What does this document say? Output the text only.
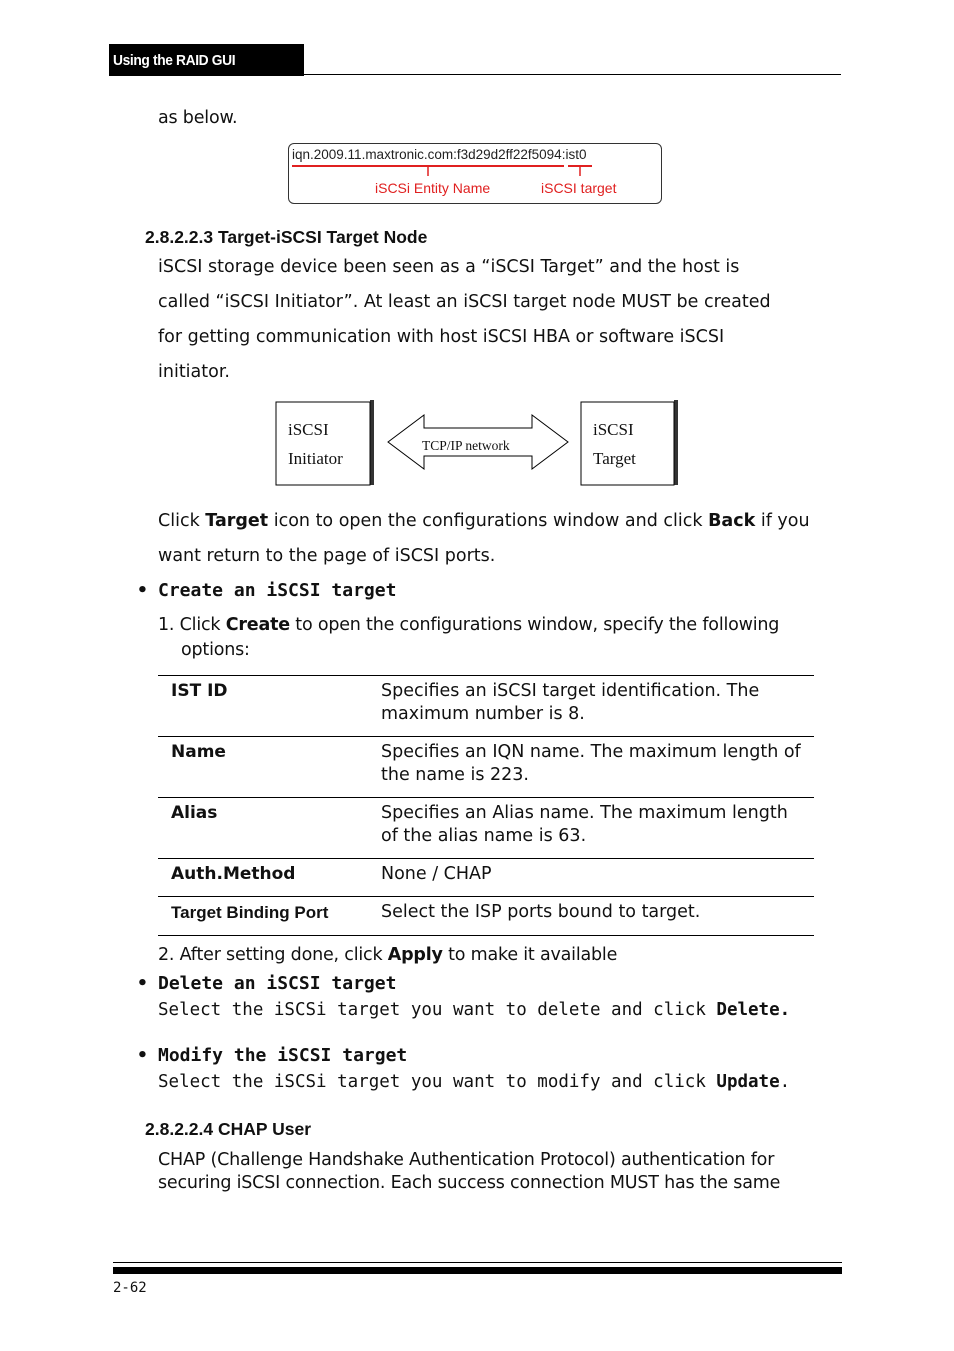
Using the RAID GUI
as below.
iqn.2009.11.maxtronic.com:f3d29d2ff22f5094:ist0
iSCSi Entity Name	iSCSI target
2.8.2.2.3 Target-iSCSI Target Node
iSCSI storage device been seen as a “iSCSI Target” and the host is
called “iSCSI Initiator”. At least an iSCSI target node MUST be created
for getting communication with host iSCSI HBA or software iSCSI
initiator.
iSCSI
Initiator
TCP/IP network
iSCSI
Target
Click Target icon to open the configurations window and click Back if you
want return to the page of iSCSI ports.
• Create an iSCSI target
1. Click Create to open the configurations window, specify the following
options:
IST ID	Specifies an iSCSI target identification. The maximum number is 8.
Name	Specifies an IQN name. The maximum length of the name is 223.
Alias	Specifies an Alias name. The maximum length of the alias name is 63.
Auth.Method	None / CHAP
Target Binding Port	Select the ISP ports bound to target.
2. After setting done, click Apply to make it available
• Delete an iSCSI target
Select the iSCSi target you want to delete and click Delete.
• Modify the iSCSI target
Select the iSCSi target you want to modify and click Update.
2.8.2.2.4 CHAP User
CHAP (Challenge Handshake Authentication Protocol) authentication for
securing iSCSI connection. Each success connection MUST has the same
2-62
